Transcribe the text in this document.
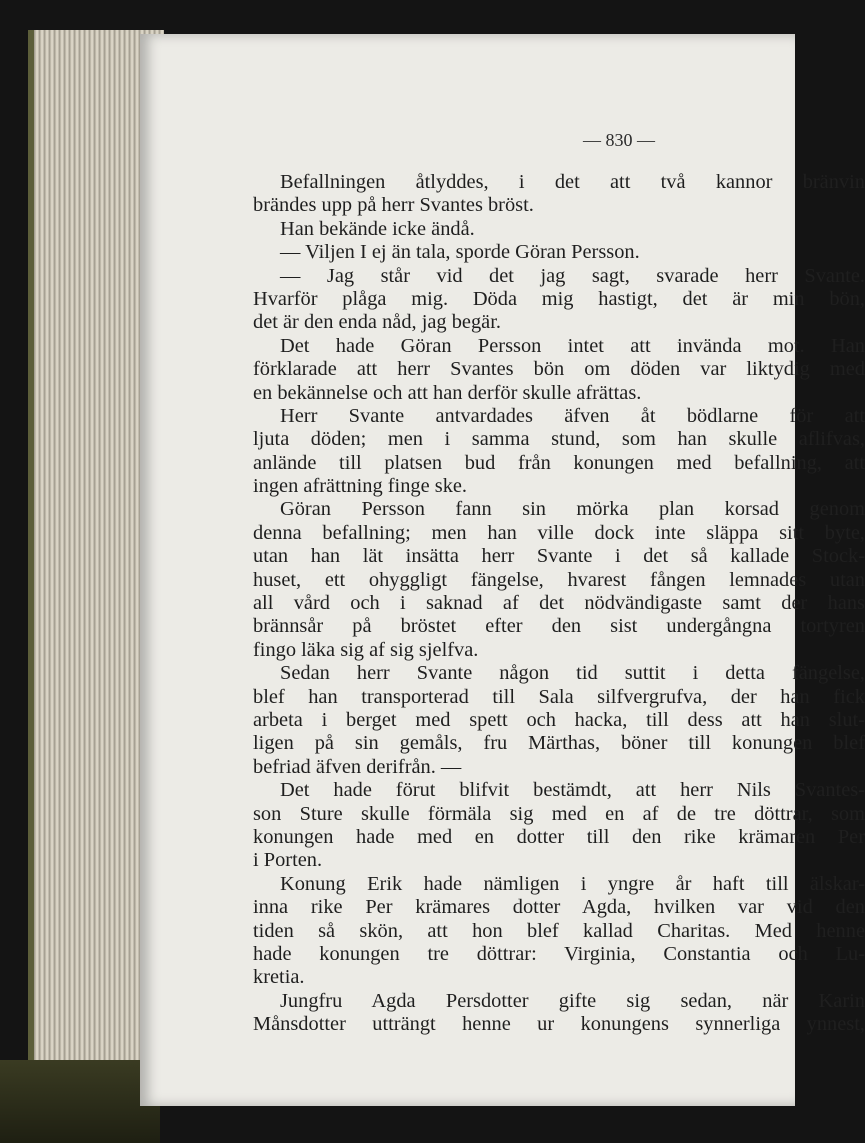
— 830 —
Befallningen åtlyddes, i det att två kannor bränvin
brändes upp på herr Svantes bröst.
Han bekände icke ändå.
— Viljen I ej än tala, sporde Göran Persson.
— Jag står vid det jag sagt, svarade herr Svante.
Hvarför plåga mig. Döda mig hastigt, det är min bön,
det är den enda nåd, jag begär.
Det hade Göran Persson intet att invända mot. Han
förklarade att herr Svantes bön om döden var liktydig med
en bekännelse och att han derför skulle afrättas.
Herr Svante antvardades äfven åt bödlarne för att
ljuta döden; men i samma stund, som han skulle aflifvas,
anlände till platsen bud från konungen med befallning, att
ingen afrättning finge ske.
Göran Persson fann sin mörka plan korsad genom
denna befallning; men han ville dock inte släppa sitt byte,
utan han lät insätta herr Svante i det så kallade Stock-
huset, ett ohyggligt fängelse, hvarest fången lemnades utan
all vård och i saknad af det nödvändigaste samt der hans
brännsår på bröstet efter den sist undergångna tortyren
fingo läka sig af sig sjelfva.
Sedan herr Svante någon tid suttit i detta fängelse,
blef han transporterad till Sala silfvergrufva, der han fick
arbeta i berget med spett och hacka, till dess att han slut-
ligen på sin gemåls, fru Märthas, böner till konungen blef
befriad äfven derifrån. —
Det hade förut blifvit bestämdt, att herr Nils Svantes-
son Sture skulle förmäla sig med en af de tre döttrar, som
konungen hade med en dotter till den rike krämaren Per
i Porten.
Konung Erik hade nämligen i yngre år haft till älskar-
inna rike Per krämares dotter Agda, hvilken var vid den
tiden så skön, att hon blef kallad Charitas. Med henne
hade konungen tre döttrar: Virginia, Constantia och Lu-
kretia.
Jungfru Agda Persdotter gifte sig sedan, när Karin
Månsdotter utträngt henne ur konungens synnerliga ynnest,
